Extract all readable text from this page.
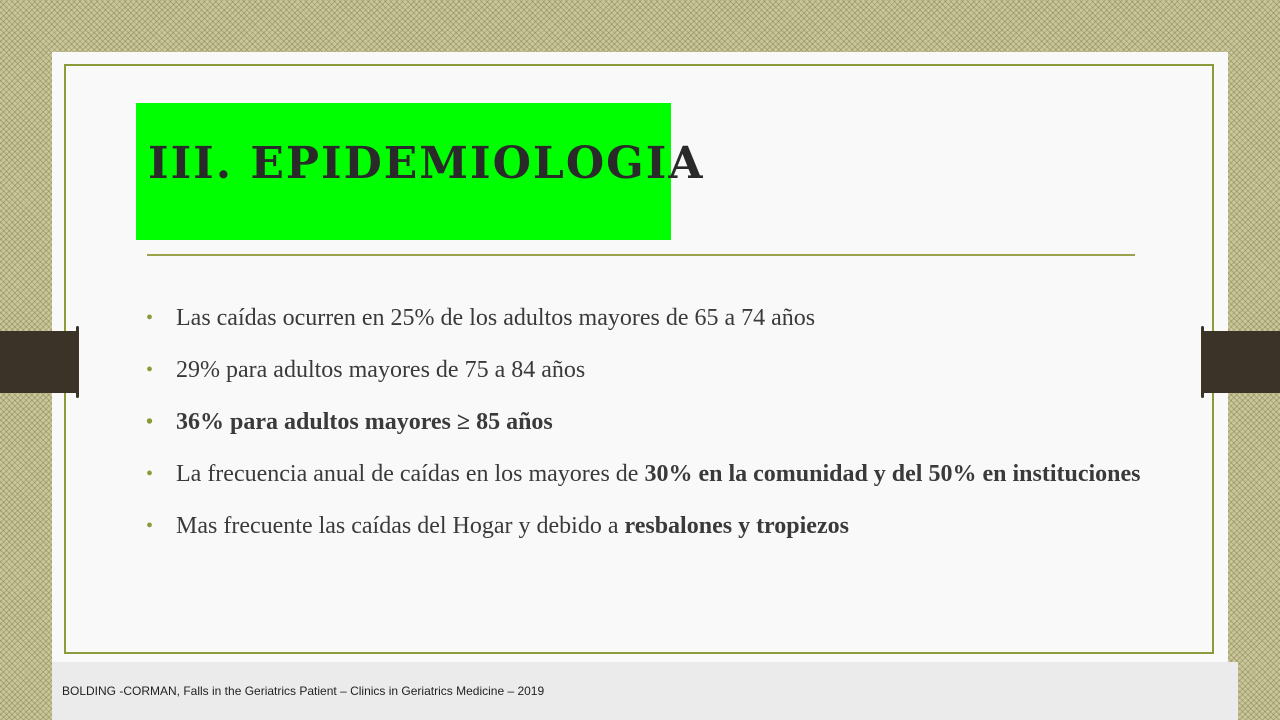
III. EPIDEMIOLOGIA
• Las caídas ocurren en 25% de los adultos mayores de 65 a 74 años
• 29% para adultos mayores de 75 a 84 años
• 36% para adultos mayores ≥ 85 años
• La frecuencia anual de caídas en los mayores de 30% en la comunidad y del 50% en instituciones
• Mas frecuente las caídas del Hogar y debido a resbalones y tropiezos
BOLDING -CORMAN, Falls in the Geriatrics Patient – Clinics in Geriatrics Medicine – 2019
